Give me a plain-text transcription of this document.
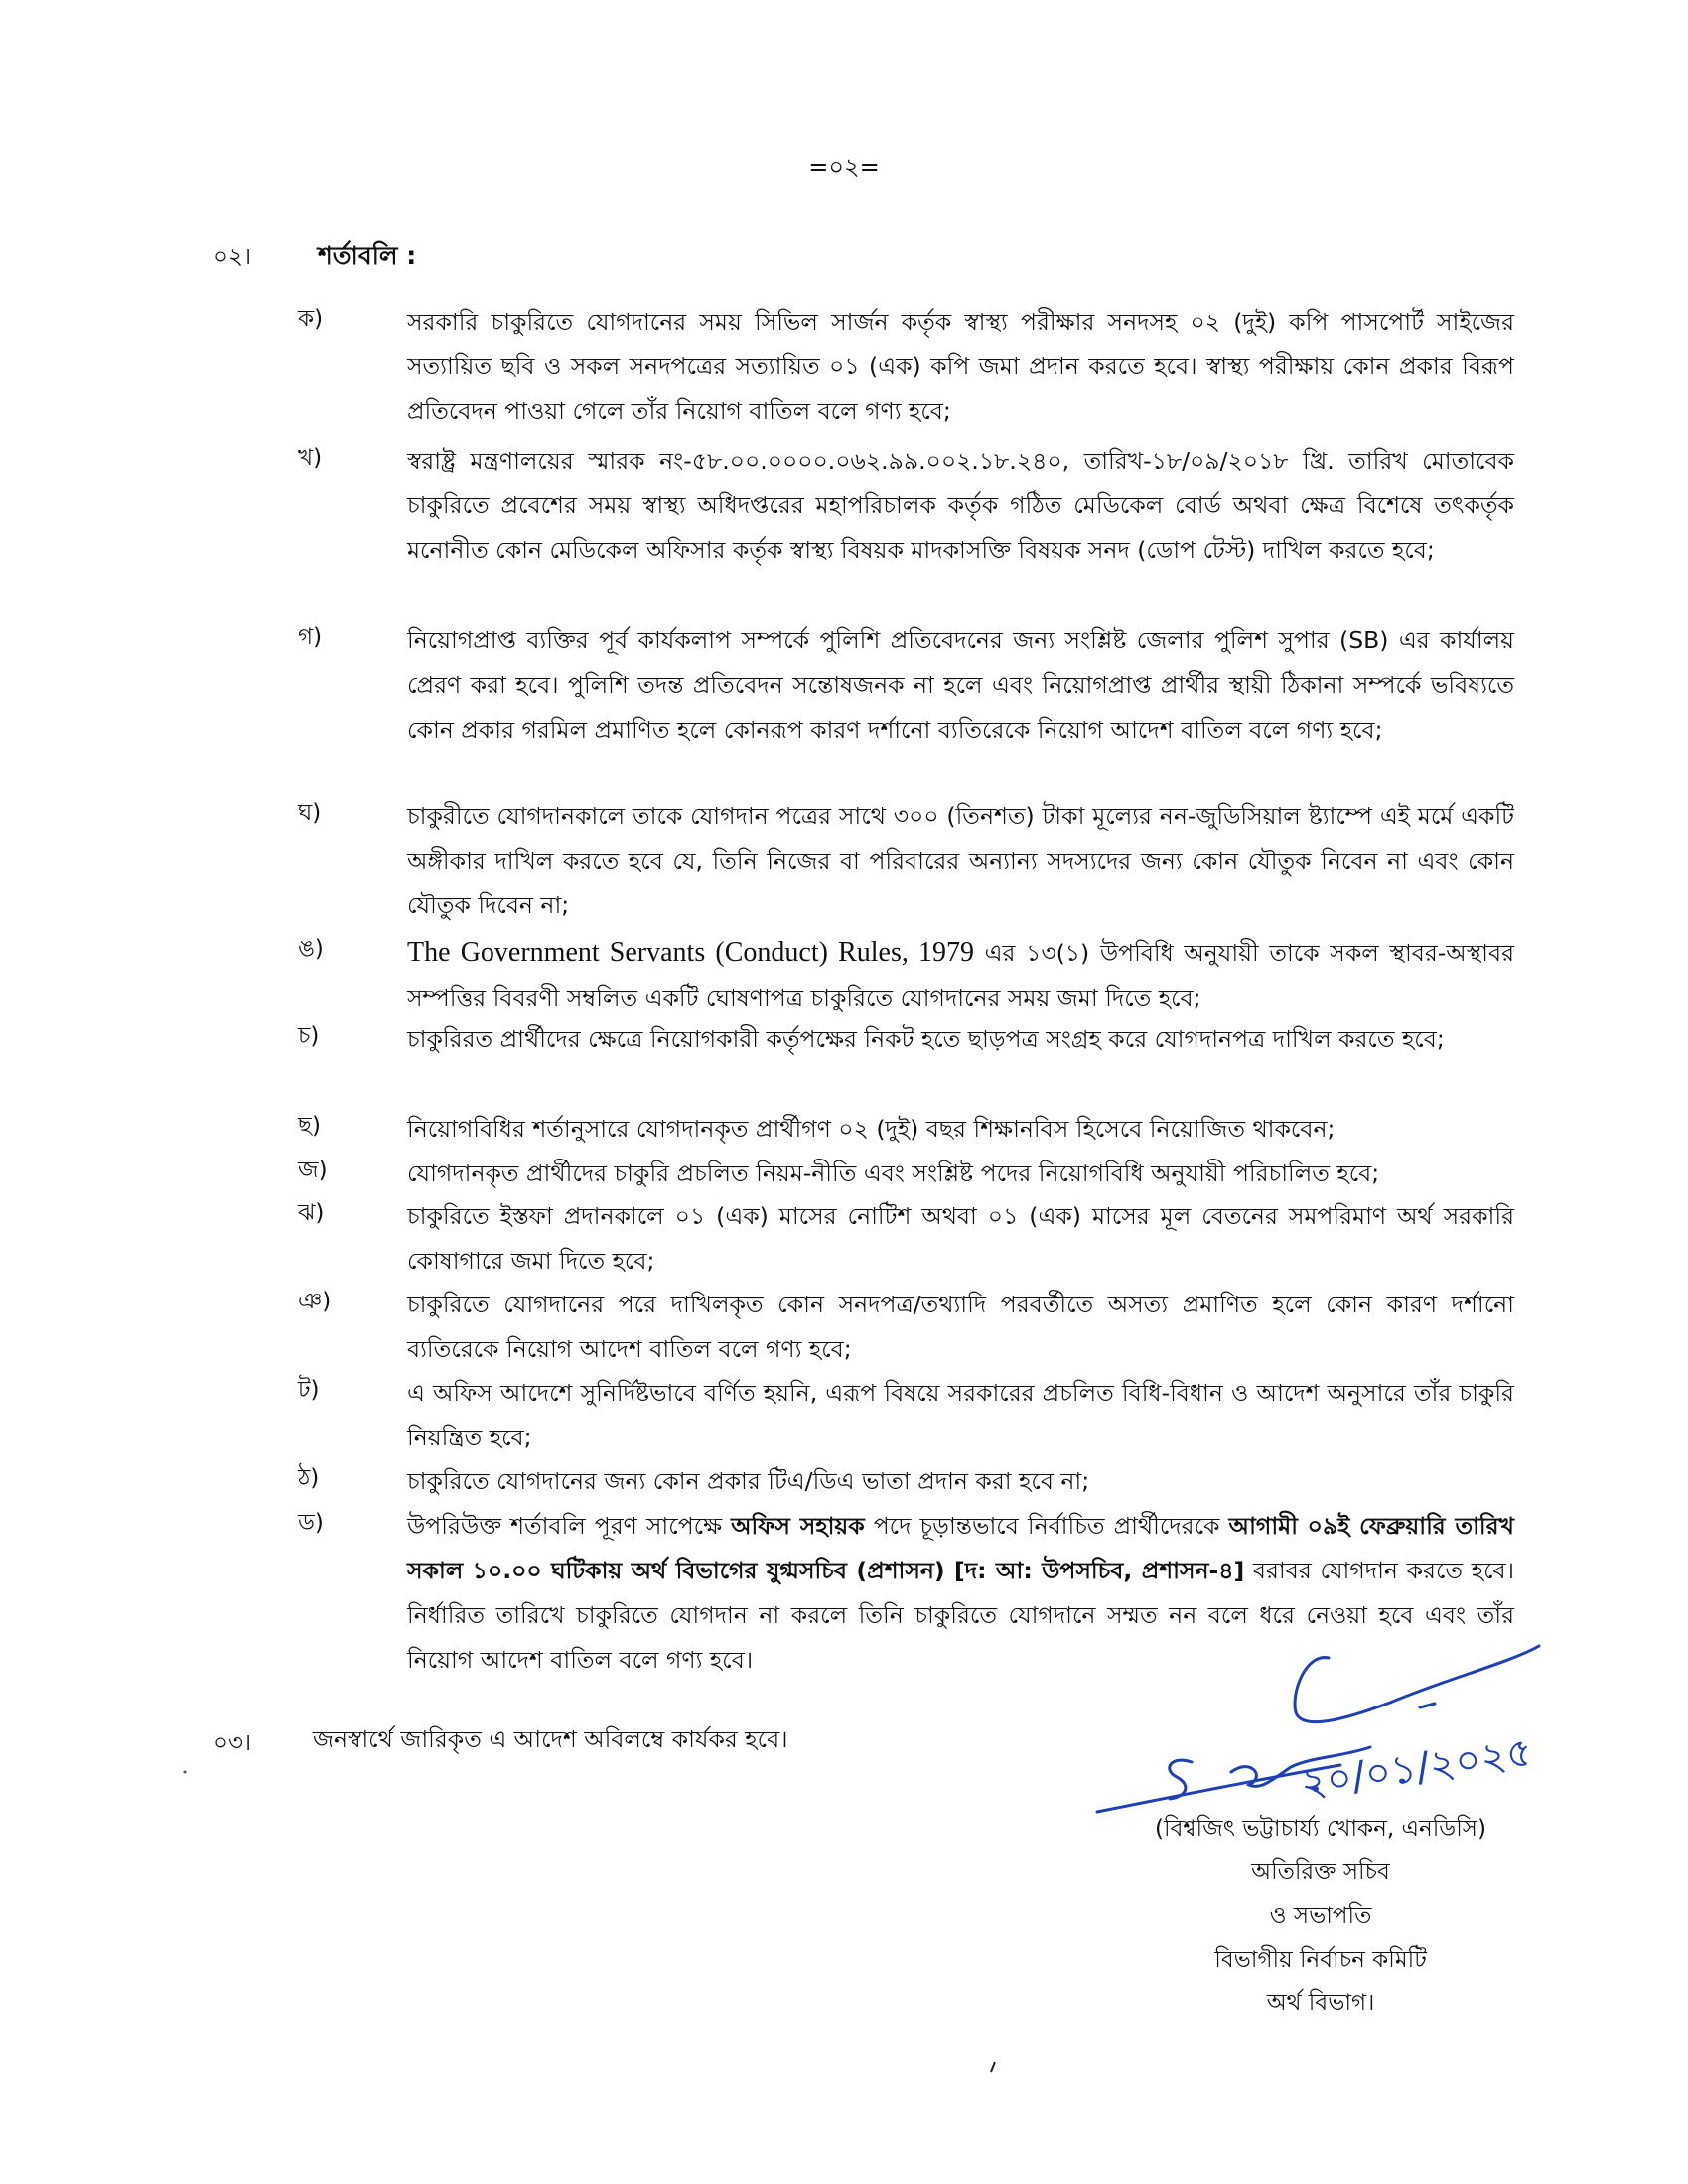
=০২=
০২।	শর্তাবলি :
ক)	সরকারি চাকুরিতে যোগদানের সময় সিভিল সার্জন কর্তৃক স্বাস্থ্য পরীক্ষার সনদসহ ০২ (দুই) কপি পাসপোর্ট সাইজের সত্যায়িত ছবি ও সকল সনদপত্রের সত্যায়িত ০১ (এক) কপি জমা প্রদান করতে হবে। স্বাস্থ্য পরীক্ষায় কোন প্রকার বিরূপ প্রতিবেদন পাওয়া গেলে তাঁর নিয়োগ বাতিল বলে গণ্য হবে;
খ)	স্বরাষ্ট্র মন্ত্রণালয়ের স্মারক নং-৫৮.০০.০০০০.০৬২.৯৯.০০২.১৮.২৪০, তারিখ-১৮/০৯/২০১৮ খ্রি. তারিখ মোতাবেক চাকুরিতে প্রবেশের সময় স্বাস্থ্য অধিদপ্তরের মহাপরিচালক কর্তৃক গঠিত মেডিকেল বোর্ড অথবা ক্ষেত্র বিশেষে তৎকর্তৃক মনোনীত কোন মেডিকেল অফিসার কর্তৃক স্বাস্থ্য বিষয়ক মাদকাসক্তি বিষয়ক সনদ (ডোপ টেস্ট) দাখিল করতে হবে;
গ)	নিয়োগপ্রাপ্ত ব্যক্তির পূর্ব কার্যকলাপ সম্পর্কে পুলিশি প্রতিবেদনের জন্য সংশ্লিষ্ট জেলার পুলিশ সুপার (SB) এর কার্যালয় প্রেরণ করা হবে। পুলিশি তদন্ত প্রতিবেদন সন্তোষজনক না হলে এবং নিয়োগপ্রাপ্ত প্রার্থীর স্থায়ী ঠিকানা সম্পর্কে ভবিষ্যতে কোন প্রকার গরমিল প্রমাণিত হলে কোনরূপ কারণ দর্শানো ব্যতিরেকে নিয়োগ আদেশ বাতিল বলে গণ্য হবে;
ঘ)	চাকুরীতে যোগদানকালে তাকে যোগদান পত্রের সাথে ৩০০ (তিনশত) টাকা মূল্যের নন-জুডিসিয়াল ষ্ট্যাম্পে এই মর্মে একটি অঙ্গীকার দাখিল করতে হবে যে, তিনি নিজের বা পরিবারের অন্যান্য সদস্যদের জন্য কোন যৌতুক নিবেন না এবং কোন যৌতুক দিবেন না;
ঙ)	The Government Servants (Conduct) Rules, 1979 এর ১৩(১) উপবিধি অনুযায়ী তাকে সকল স্থাবর-অস্থাবর সম্পত্তির বিবরণী সম্বলিত একটি ঘোষণাপত্র চাকুরিতে যোগদানের সময় জমা দিতে হবে;
চ)	চাকুরিরত প্রার্থীদের ক্ষেত্রে নিয়োগকারী কর্তৃপক্ষের নিকট হতে ছাড়পত্র সংগ্রহ করে যোগদানপত্র দাখিল করতে হবে;
ছ)	নিয়োগবিধির শর্তানুসারে যোগদানকৃত প্রার্থীগণ ০২ (দুই) বছর শিক্ষানবিস হিসেবে নিয়োজিত থাকবেন;
জ)	যোগদানকৃত প্রার্থীদের চাকুরি প্রচলিত নিয়ম-নীতি এবং সংশ্লিষ্ট পদের নিয়োগবিধি অনুযায়ী পরিচালিত হবে;
ঝ)	চাকুরিতে ইস্তফা প্রদানকালে ০১ (এক) মাসের নোটিশ অথবা ০১ (এক) মাসের মূল বেতনের সমপরিমাণ অর্থ সরকারি কোষাগারে জমা দিতে হবে;
ঞ)	চাকুরিতে যোগদানের পরে দাখিলকৃত কোন সনদপত্র/তথ্যাদি পরবর্তীতে অসত্য প্রমাণিত হলে কোন কারণ দর্শানো ব্যতিরেকে নিয়োগ আদেশ বাতিল বলে গণ্য হবে;
ট)	এ অফিস আদেশে সুনির্দিষ্টভাবে বর্ণিত হয়নি, এরূপ বিষয়ে সরকারের প্রচলিত বিধি-বিধান ও আদেশ অনুসারে তাঁর চাকুরি নিয়ন্ত্রিত হবে;
ঠ)	চাকুরিতে যোগদানের জন্য কোন প্রকার টিএ/ডিএ ভাতা প্রদান করা হবে না;
ড)	উপরিউক্ত শর্তাবলি পূরণ সাপেক্ষে অফিস সহায়ক পদে চূড়ান্তভাবে নির্বাচিত প্রার্থীদেরকে আগামী ০৯ই ফেব্রুয়ারি তারিখ সকাল ১০.০০ ঘটিকায় অর্থ বিভাগের যুগ্মসচিব (প্রশাসন) [দ: আ: উপসচিব, প্রশাসন-৪] বরাবর যোগদান করতে হবে। নির্ধারিত তারিখে চাকুরিতে যোগদান না করলে তিনি চাকুরিতে যোগদানে সম্মত নন বলে ধরে নেওয়া হবে এবং তাঁর নিয়োগ আদেশ বাতিল বলে গণ্য হবে।
০৩।	জনস্বার্থে জারিকৃত এ আদেশ অবিলম্বে কার্যকর হবে।	২০/০১/২০২৫
(বিশ্বজিৎ ভট্টাচার্য্য খোকন, এনডিসি)
অতিরিক্ত সচিব
ও সভাপতি
বিভাগীয় নির্বাচন কমিটি
অর্থ বিভাগ।
